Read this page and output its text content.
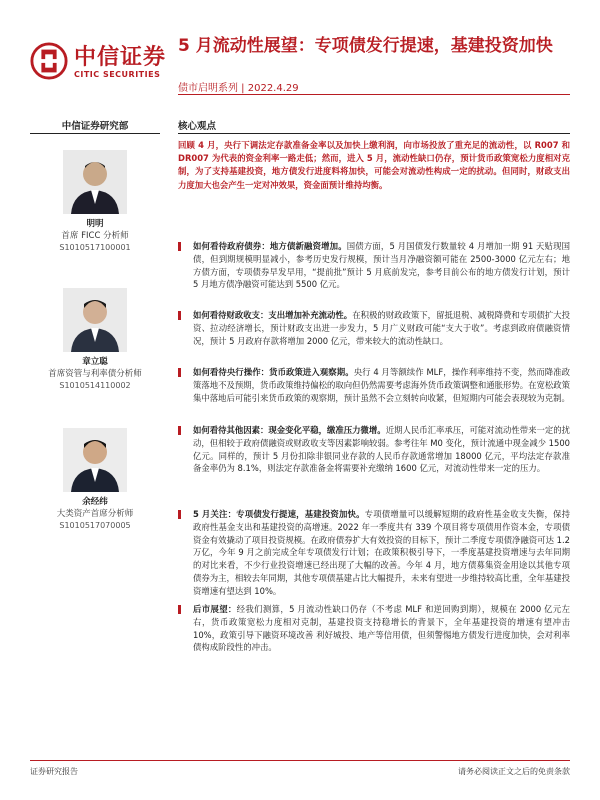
中信证券
CITIC SECURITIES
5 月流动性展望：专项债发行提速，基建投资加快
债市启明系列 | 2022.4.29
中信证券研究部
明明
首席 FICC 分析师
S1010517100001
章立聪
首席资管与利率债分析师
S1010514110002
余经纬
大类资产首席分析师
S1010517070005
核心观点
回顾 4 月，央行下调法定存款准备金率以及加快上缴利润，向市场投放了重充足的流动性，以 R007 和 DR007 为代表的资金利率一路走低；然而，进入 5 月，流动性缺口仍存，预计货币政策宽松力度相对克制，为了支持基建投资，地方债发行进度料将加快，可能会对流动性构成一定的扰动。但同时，财政支出力度加大也会产生一定对冲效果，资金面预计维持均衡。
如何看待政府债券：地方债新融资增加。国债方面，5 月国债发行数量较 4 月增加一期 91 天贴现国债，但到期规模明显减小，参考历史发行规模，预计当月净融资额可能在 2500-3000 亿元左右；地方债方面，专项债券早发早用，“提前批”预计 5 月底前发完，参考目前公布的地方债发行计划，预计 5 月地方债净融资可能达到 5500 亿元。
如何看待财政收支：支出增加补充流动性。在积极的财政政策下，留抵退税、减税降费和专项债扩大投资、拉动经济增长，预计财政支出进一步发力，5 月广义财政可能“支大于收”。考虑到政府债融资情况，预计 5 月政府存款将增加 2000 亿元，带来较大的流动性缺口。
如何看待央行操作：货币政策进入观察期。央行 4 月等额续作 MLF，操作利率维持不变，然而降准政策落地不及预期，货币政策维持偏松的取向但仍然需要考虑海外货币政策调整和通胀形势。在宽松政策集中落地后可能引来货币政策的观察期，预计虽然不会立刻转向收紧，但短期内可能会表现较为克制。
如何看待其他因素：现金变化平稳，缴准压力微增。近期人民币汇率承压，可能对流动性带来一定的扰动，但相较于政府债融资或财政收支等因素影响较弱。参考往年 M0 变化，预计流通中现金减少 1500 亿元。同样的，预计 5 月份扣除非银同业存款的人民币存款通常增加 18000 亿元，平均法定存款准备金率仍为 8.1%，则法定存款准备金将需要补充缴纳 1600 亿元，对流动性带来一定的压力。
5 月关注：专项债发行提速，基建投资加快。专项债增量可以缓解短期的政府性基金收支失衡，保持政府性基金支出和基建投资的高增速。2022 年一季度共有 339 个项目将专项债用作资本金，专项债资金有效撬动了项目投资规模。在政府债券扩大有效投资的目标下，预计二季度专项债净融资可达 1.2 万亿，今年 9 月之前完成全年专项债发行计划；在政策积极引导下，一季度基建投资增速与去年同期的对比来看，不少行业投资增速已经出现了大幅的改善。今年 4 月，地方债募集资金用途以其他专项债券为主，相较去年同期，其他专项债基建占比大幅提升，未来有望进一步维持较高比重，全年基建投资增速有望达到 10%。
后市展望：经我们测算，5 月流动性缺口仍存（不考虑 MLF 和逆回购到期），规模在 2000 亿元左右，货币政策宽松力度相对克制，基建投资支持稳增长的背景下，全年基建投资的增速有望冲击 10%，政策引导下融资环境改善 利好城投、地产等信用债，但须警惕地方债发行进度加快，会对利率债构成阶段性的冲击。
证券研究报告	请务必阅读正文之后的免责条款
